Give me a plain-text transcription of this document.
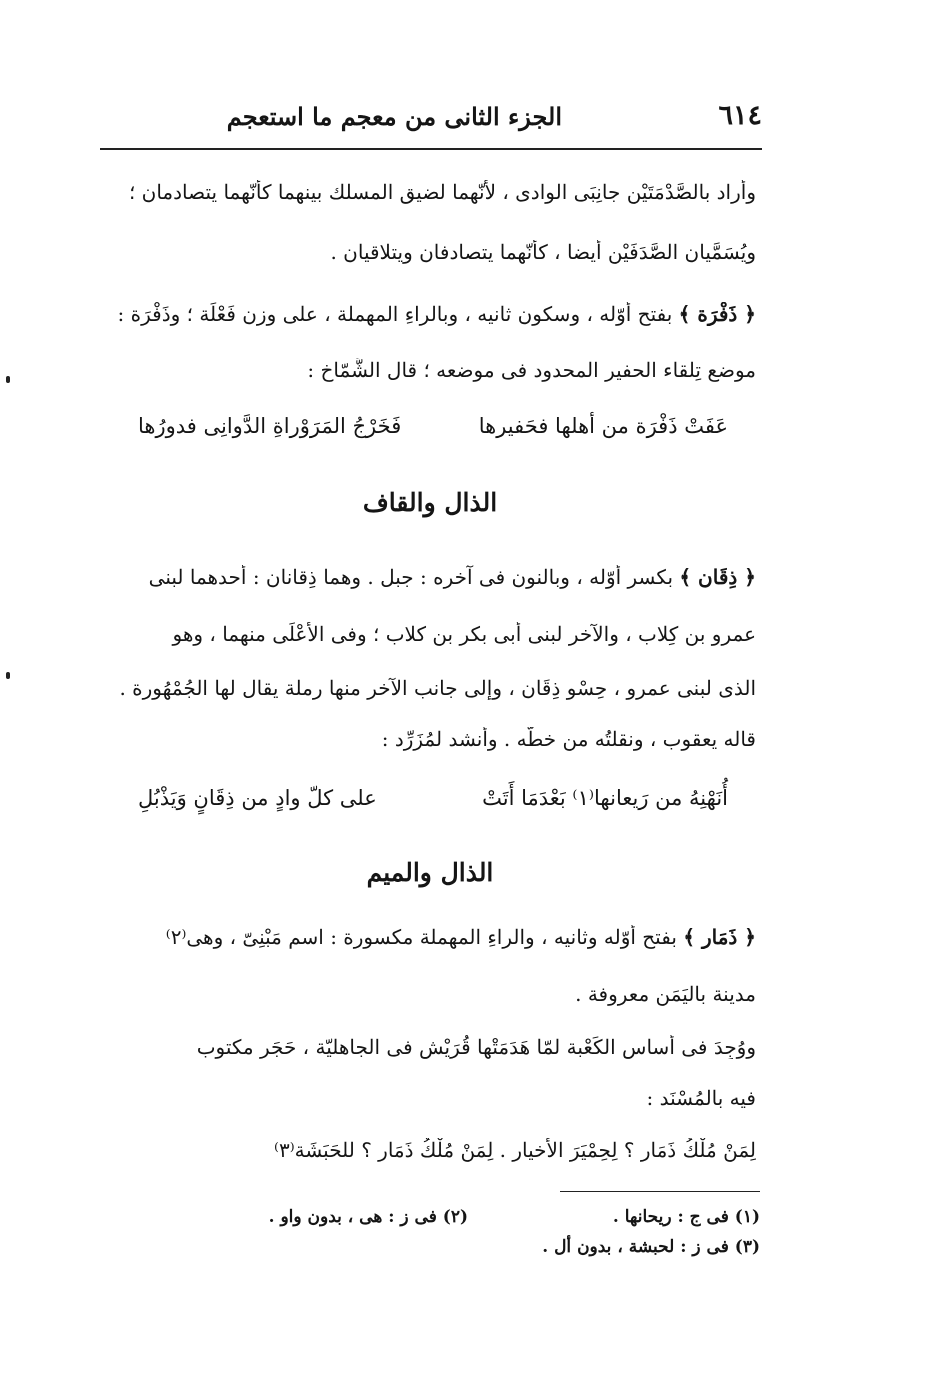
٦١٤
الجزء الثانى من معجم ما استعجم
وأراد بالصَّدْمَتَيْن جانِبَى الوادى ، لأنّهما لضيق المسلك بينهما كأنّهما يتصادمان ؛
ويُسَمَّيان الصَّدَفَيْن أيضا ، كأنّهما يتصادفان ويتلاقيان .
﴿ ذَفْرَة ﴾ بفتح أوّله ، وسكون ثانيه ، وبالراءِ المهملة ، على وزن فَعْلَة ؛ وذَفْرَة :
موضع تِلقاء الحفير المحدود فى موضعه ؛ قال الشَّمّاخ :
عَفَتْ ذَفْرَة من أهلها فحَفيرها
فَخَرْجُ المَرَوْراةِ الدَّوانِى فدورُها
الذال والقاف
﴿ ذِقَان ﴾ بكسر أوّله ، وبالنون فى آخره : جبل . وهما ذِقانان : أحدهما لبنى
عمرو بن كِلاب ، والآخر لبنى أبى بكر بن كلاب ؛ وفى الأعْلَى منهما ، وهو
الذى لبنى عمرو ، حِسْو ذِقَان ، وإلى جانب الآخر منها رملة يقال لها الجُمْهُورة .
قاله يعقوب ، ونقلتُه من خطّه . وأنشد لمُزَرِّد :
أُنَهْنِهُ من رَيعانها⁽١⁾ بَعْدَمَا أَتَتْ
على كلّ وادٍ من ذِقَانٍ وَيَذْبُلِ
الذال والميم
﴿ ذَمَار ﴾ بفتح أوّله وثانيه ، والراءِ المهملة مكسورة : اسم مَبْنِىّ ، وهى⁽٢⁾
مدينة باليَمَن معروفة .
ووُجِدَ فى أساس الكَعْبة لمّا هَدَمَتْها قُرَيْش فى الجاهليّة ، حَجَر مكتوب
فيه بالمُسْنَد :
لِمَنْ مُلْكُ ذَمَار ؟ لِحِمْيَرَ الأخيار . لِمَنْ مُلْكُ ذَمَار ؟ للحَبَشَة⁽٣⁾
(١) فى ج : ريحانها .
(٢) فى ز : هى ، بدون واو .
(٣) فى ز : لحبشة ، بدون أل .
